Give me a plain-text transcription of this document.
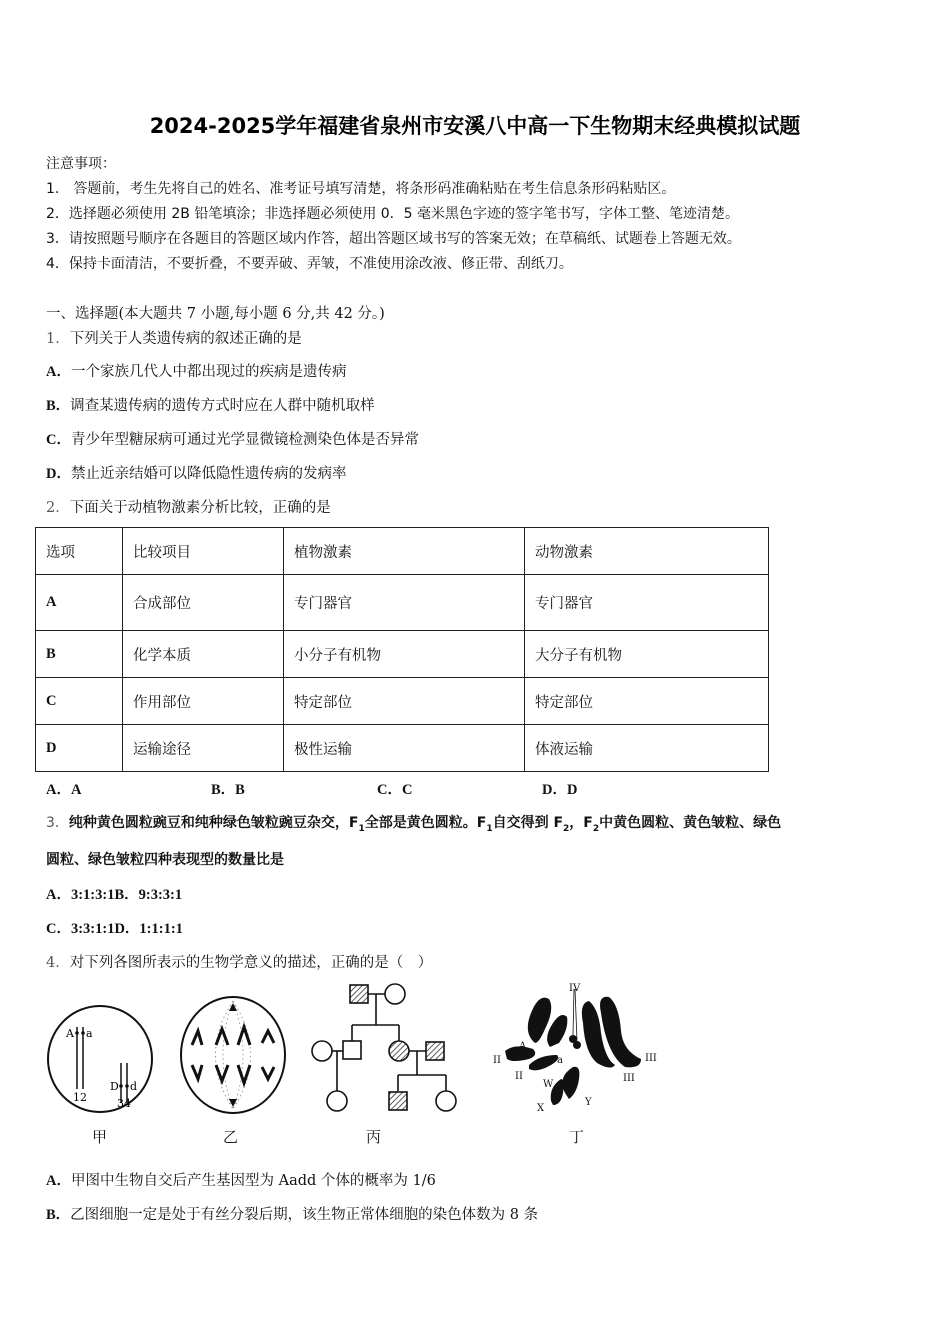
2024-2025学年福建省泉州市安溪八中高一下生物期末经典模拟试题
注意事项：
1.　答题前，考生先将自己的姓名、准考证号填写清楚，将条形码准确粘贴在考生信息条形码粘贴区。
2．选择题必须使用 2B 铅笔填涂；非选择题必须使用 0．5 毫米黑色字迹的签字笔书写，字体工整、笔迹清楚。
3．请按照题号顺序在各题目的答题区域内作答，超出答题区域书写的答案无效；在草稿纸、试题卷上答题无效。
4．保持卡面清洁，不要折叠，不要弄破、弄皱，不准使用涂改液、修正带、刮纸刀。
一、选择题(本大题共 7 小题,每小题 6 分,共 42 分。)
1．下列关于人类遗传病的叙述正确的是
A．一个家族几代人中都出现过的疾病是遗传病
B．调查某遗传病的遗传方式时应在人群中随机取样
C．青少年型糖尿病可通过光学显微镜检测染色体是否异常
D．禁止近亲结婚可以降低隐性遗传病的发病率
2．下面关于动植物激素分析比较，正确的是
选项	比较项目	植物激素	动物激素
A	合成部位	专门器官	专门器官
B	化学本质	小分子有机物	大分子有机物
C	作用部位	特定部位	特定部位
D	运输途径	极性运输	体液运输
A．A	B．B	C．C	D．D
3．纯种黄色圆粒豌豆和纯种绿色皱粒豌豆杂交，$F_1$全部是黄色圆粒。$F_1$自交得到 $F_2$，$F_2$中黄色圆粒、黄色皱粒、绿色
圆粒、绿色皱粒四种表现型的数量比是
A．3:1:3:1B．9:3:3:1
C．3:3:1:1D．1:1:1:1
4．对下列各图所表示的生物学意义的描述，正确的是（　）
A a
12
D d
34
甲	乙	丙
IV
A
a
II
II
III
III
W
X
Y
丁
A．甲图中生物自交后产生基因型为 Aadd 个体的概率为 1/6
B．乙图细胞一定是处于有丝分裂后期，该生物正常体细胞的染色体数为 8 条
